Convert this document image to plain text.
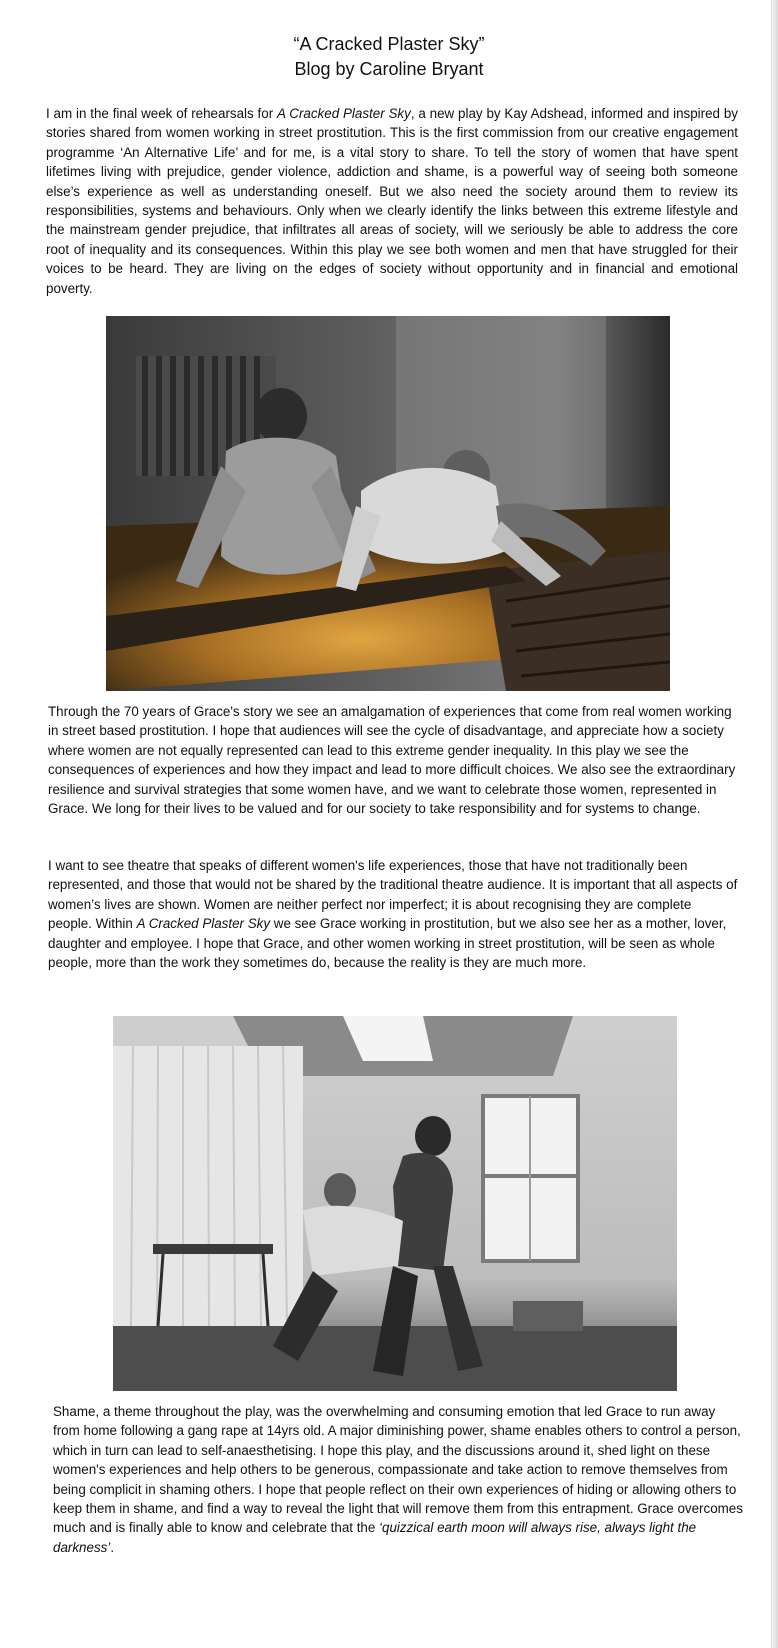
“A Cracked Plaster Sky”
Blog by Caroline Bryant

I am in the final week of rehearsals for A Cracked Plaster Sky, a new play by Kay Adshead, informed and inspired by stories shared from women working in street prostitution. This is the first commission from our creative engagement programme ‘An Alternative Life’ and for me, is a vital story to share. To tell the story of women that have spent lifetimes living with prejudice, gender violence, addiction and shame, is a powerful way of seeing both someone else’s experience as well as understanding oneself. But we also need the society around them to review its responsibilities, systems and behaviours. Only when we clearly identify the links between this extreme lifestyle and the mainstream gender prejudice, that infiltrates all areas of society, will we seriously be able to address the core root of inequality and its consequences. Within this play we see both women and men that have struggled for their voices to be heard. They are living on the edges of society without opportunity and in financial and emotional poverty.

Through the 70 years of Grace's story we see an amalgamation of experiences that come from real women working in street based prostitution. I hope that audiences will see the cycle of disadvantage, and appreciate how a society where women are not equally represented can lead to this extreme gender inequality. In this play we see the consequences of experiences and how they impact and lead to more difficult choices. We also see the extraordinary resilience and survival strategies that some women have, and we want to celebrate those women, represented in Grace. We long for their lives to be valued and for our society to take responsibility and for systems to change.

I want to see theatre that speaks of different women's life experiences, those that have not traditionally been represented, and those that would not be shared by the traditional theatre audience. It is important that all aspects of women’s lives are shown. Women are neither perfect nor imperfect; it is about recognising they are complete people. Within A Cracked Plaster Sky we see Grace working in prostitution, but we also see her as a mother, lover, daughter and employee. I hope that Grace, and other women working in street prostitution, will be seen as whole people, more than the work they sometimes do, because the reality is they are much more.

Shame, a theme throughout the play, was the overwhelming and consuming emotion that led Grace to run away from home following a gang rape at 14yrs old. A major diminishing power, shame enables others to control a person, which in turn can lead to self-anaesthetising. I hope this play, and the discussions around it, shed light on these women's experiences and help others to be generous, compassionate and take action to remove themselves from being complicit in shaming others. I hope that people reflect on their own experiences of hiding or allowing others to keep them in shame, and find a way to reveal the light that will remove them from this entrapment. Grace overcomes much and is finally able to know and celebrate that the ‘quizzical earth moon will always rise, always light the darkness’.
